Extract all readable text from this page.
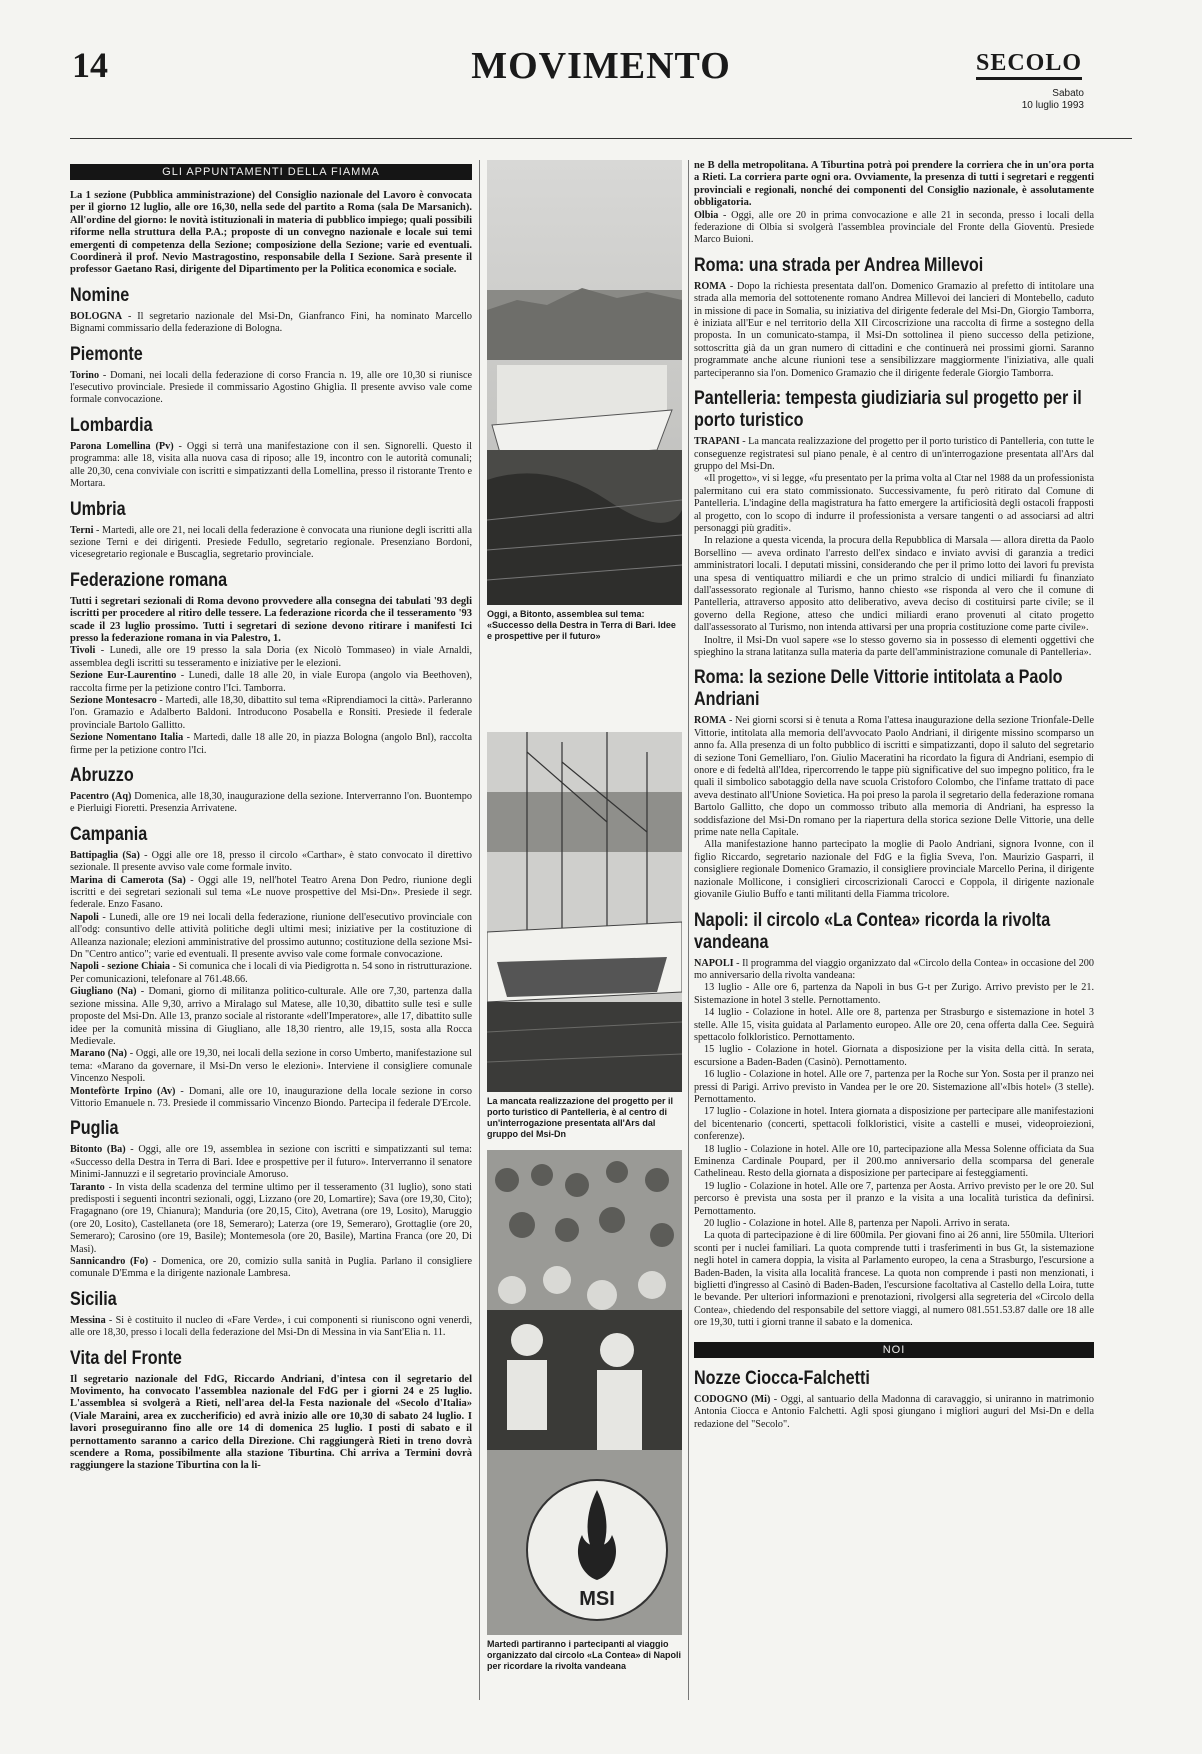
14	MOVIMENTO	SECOLO
Sabato
10 luglio 1993
GLI APPUNTAMENTI DELLA FIAMMA

La 1 sezione (Pubblica amministrazione) del Consiglio nazionale del Lavoro è convocata per il giorno 12 luglio, alle ore 16,30, nella sede del partito a Roma (sala De Marsanich). All'ordine del giorno: le novità istituzionali in materia di pubblico impiego; quali possibili riforme nella struttura della P.A.; proposte di un convegno nazionale e locale sui temi emergenti di competenza della Sezione; composizione della Sezione; varie ed eventuali. Coordinerà il prof. Nevio Mastragostino, responsabile della I Sezione. Sarà presente il professor Gaetano Rasi, dirigente del Dipartimento per la Politica economica e sociale.

Nomine

BOLOGNA - Il segretario nazionale del Msi-Dn, Gianfranco Fini, ha nominato Marcello Bignami commissario della federazione di Bologna.

Piemonte

Torino - Domani, nei locali della federazione di corso Francia n. 19, alle ore 10,30 si riunisce l'esecutivo provinciale. Presiede il commissario Agostino Ghiglia. Il presente avviso vale come formale convocazione.

Lombardia

Parona Lomellina (Pv) - Oggi si terrà una manifestazione con il sen. Signorelli. Questo il programma: alle 18, visita alla nuova casa di riposo; alle 19, incontro con le autorità comunali; alle 20,30, cena conviviale con iscritti e simpatizzanti della Lomellina, presso il ristorante Trento e Mortara.

Umbria

Terni - Martedì, alle ore 21, nei locali della federazione è convocata una riunione degli iscritti alla sezione Terni e dei dirigenti. Presiede Fedullo, segretario regionale. Presenziano Bordoni, vicesegretario regionale e Buscaglia, segretario provinciale.

Federazione romana

Tutti i segretari sezionali di Roma devono provvedere alla consegna dei tabulati '93 degli iscritti per procedere al ritiro delle tessere. La federazione ricorda che il tesseramento '93 scade il 23 luglio prossimo. Tutti i segretari di sezione devono ritirare i manifesti Ici presso la federazione romana in via Palestro, 1.

Tivoli - Lunedì, alle ore 19 presso la sala Doria (ex Nicolò Tommaseo) in viale Arnaldi, assemblea degli iscritti su tesseramento e iniziative per le elezioni.

Sezione Eur-Laurentino - Lunedì, dalle 18 alle 20, in viale Europa (angolo via Beethoven), raccolta firme per la petizione contro l'Ici. Tamborra.

Sezione Montesacro - Martedì, alle 18,30, dibattito sul tema «Riprendiamoci la città». Parleranno l'on. Gramazio e Adalberto Baldoni. Introducono Posabella e Ronsiti. Presiede il federale provinciale Bartolo Gallitto.

Sezione Nomentano Italia - Martedì, dalle 18 alle 20, in piazza Bologna (angolo Bnl), raccolta firme per la petizione contro l'Ici.

Abruzzo

Pacentro (Aq) Domenica, alle 18,30, inaugurazione della sezione. Interverranno l'on. Buontempo e Pierluigi Fioretti. Presenzia Arrivatene.

Campania

Battipaglia (Sa) - Oggi alle ore 18, presso il circolo «Carthar», è stato convocato il direttivo sezionale. Il presente avviso vale come formale invito.

Marina di Camerota (Sa) - Oggi alle 19, nell'hotel Teatro Arena Don Pedro, riunione degli iscritti e dei segretari sezionali sul tema «Le nuove prospettive del Msi-Dn». Presiede il segr. federale. Enzo Fasano.

Napoli - Lunedì, alle ore 19 nei locali della federazione, riunione dell'esecutivo provinciale con all'odg: consuntivo delle attività politiche degli ultimi mesi; iniziative per la costituzione di Alleanza nazionale; elezioni amministrative del prossimo autunno; costituzione della sezione Msi-Dn "Centro antico"; varie ed eventuali. Il presente avviso vale come formale convocazione.

Napoli - sezione Chiaia - Si comunica che i locali di via Piedigrotta n. 54 sono in ristrutturazione. Per comunicazioni, telefonare al 761.48.66.

Giugliano (Na) - Domani, giorno di militanza politico-culturale. Alle ore 7,30, partenza dalla sezione missina. Alle 9,30, arrivo a Miralago sul Matese, alle 10,30, dibattito sulle tesi e sulle proposte del Msi-Dn. Alle 13, pranzo sociale al ristorante «dell'Imperatore», alle 17, dibattito sulle idee per la comunità missina di Giugliano, alle 18,30 rientro, alle 19,15, sosta alla Rocca Medievale.

Marano (Na) - Oggi, alle ore 19,30, nei locali della sezione in corso Umberto, manifestazione sul tema: «Marano da governare, il Msi-Dn verso le elezioni». Interviene il consigliere comunale Vincenzo Nespoli.

Montefòrte Irpino (Av) - Domani, alle ore 10, inaugurazione della locale sezione in corso Vittorio Emanuele n. 73. Presiede il commissario Vincenzo Biondo. Partecipa il federale D'Ercole.

Puglia

Bitonto (Ba) - Oggi, alle ore 19, assemblea in sezione con iscritti e simpatizzanti sul tema: «Successo della Destra in Terra di Bari. Idee e prospettive per il futuro». Interverranno il senatore Minimi-Jannuzzi e il segretario provinciale Amoruso.

Taranto - In vista della scadenza del termine ultimo per il tesseramento (31 luglio), sono stati predisposti i seguenti incontri sezionali, oggi, Lizzano (ore 20, Lomartire); Sava (ore 19,30, Cito); Fragagnano (ore 19, Chianura); Manduria (ore 20,15, Cito), Avetrana (ore 19, Losito), Maruggio (ore 20, Losito), Castellaneta (ore 18, Semeraro); Laterza (ore 19, Semeraro), Grottaglie (ore 20, Semeraro); Carosino (ore 19, Basile); Montemesola (ore 20, Basile), Martina Franca (ore 20, Di Masi).

Sannicandro (Fo) - Domenica, ore 20, comizio sulla sanità in Puglia. Parlano il consigliere comunale D'Emma e la dirigente nazionale Lambresa.

Sicilia

Messina - Si è costituito il nucleo di «Fare Verde», i cui componenti si riuniscono ogni venerdì, alle ore 18,30, presso i locali della federazione del Msi-Dn di Messina in via Sant'Elia n. 11.

Vita del Fronte

Il segretario nazionale del FdG, Riccardo Andriani, d'intesa con il segretario del Movimento, ha convocato l'assemblea nazionale del FdG per i giorni 24 e 25 luglio. L'assemblea si svolgerà a Rieti, nell'area del-la Festa nazionale del «Secolo d'Italia» (Viale Maraini, area ex zuccherificio) ed avrà inizio alle ore 10,30 di sabato 24 luglio. I lavori proseguiranno fino alle ore 14 di domenica 25 luglio. I posti di sabato e il pernottamento saranno a carico della Direzione. Chi raggiungerà Rieti in treno dovrà scendere a Roma, possibilmente alla stazione Tiburtina. Chi arriva a Termini dovrà raggiungere la stazione Tiburtina con la li-

Oggi, a Bitonto, assemblea sul tema: «Successo della Destra in Terra di Bari. Idee e prospettive per il futuro»
La mancata realizzazione del progetto per il porto turistico di Pantelleria, è al centro di un'interrogazione presentata all'Ars dal gruppo del Msi-Dn
MSI
Martedì partiranno i partecipanti al viaggio organizzato dal circolo «La Contea» di Napoli per ricordare la rivolta vandeana

ne B della metropolitana. A Tiburtina potrà poi prendere la corriera che in un'ora porta a Rieti. La corriera parte ogni ora. Ovviamente, la presenza di tutti i segretari e reggenti provinciali e regionali, nonché dei componenti del Consiglio nazionale, è assolutamente obbligatoria.

Olbia - Oggi, alle ore 20 in prima convocazione e alle 21 in seconda, presso i locali della federazione di Olbia si svolgerà l'assemblea provinciale del Fronte della Gioventù. Presiede Marco Buioni.

Roma: una strada per Andrea Millevoi

ROMA - Dopo la richiesta presentata dall'on. Domenico Gramazio al prefetto di intitolare una strada alla memoria del sottotenente romano Andrea Millevoi dei lancieri di Montebello, caduto in missione di pace in Somalia, su iniziativa del dirigente federale del Msi-Dn, Giorgio Tamborra, è iniziata all'Eur e nel territorio della XII Circoscrizione una raccolta di firme a sostegno della proposta. In un comunicato-stampa, il Msi-Dn sottolinea il pieno successo della petizione, sottoscritta già da un gran numero di cittadini e che continuerà nei prossimi giorni. Saranno programmate anche alcune riunioni tese a sensibilizzare maggiormente l'iniziativa, alle quali parteciperanno sia l'on. Domenico Gramazio che il dirigente federale Giorgio Tamborra.

Pantelleria: tempesta giudiziaria sul progetto per il porto turistico

TRAPANI - La mancata realizzazione del progetto per il porto turistico di Pantelleria, con tutte le conseguenze registratesi sul piano penale, è al centro di un'interrogazione presentata all'Ars dal gruppo del Msi-Dn.

«Il progetto», vi si legge, «fu presentato per la prima volta al Ctar nel 1988 da un professionista palermitano cui era stato commissionato. Successivamente, fu però ritirato dal Comune di Pantelleria. L'indagine della magistratura ha fatto emergere la artificiosità degli ostacoli frapposti al progetto, con lo scopo di indurre il professionista a versare tangenti o ad associarsi ad altri personaggi più graditi».

In relazione a questa vicenda, la procura della Repubblica di Marsala — allora diretta da Paolo Borsellino — aveva ordinato l'arresto dell'ex sindaco e inviato avvisi di garanzia a tredici amministratori locali. I deputati missini, considerando che per il primo lotto dei lavori fu prevista una spesa di ventiquattro miliardi e che un primo stralcio di undici miliardi fu finanziato dall'assessorato regionale al Turismo, hanno chiesto «se risponda al vero che il comune di Pantelleria, attraverso apposito atto deliberativo, aveva deciso di costituirsi parte civile; se il governo della Regione, atteso che undici miliardi erano provenuti al citato progetto dall'assessorato al Turismo, non intenda attivarsi per una propria costituzione come parte civile».

Inoltre, il Msi-Dn vuol sapere «se lo stesso governo sia in possesso di elementi oggettivi che spieghino la strana latitanza sulla materia da parte dell'amministrazione comunale di Pantelleria».

Roma: la sezione Delle Vittorie intitolata a Paolo Andriani

ROMA - Nei giorni scorsi si è tenuta a Roma l'attesa inaugurazione della sezione Trionfale-Delle Vittorie, intitolata alla memoria dell'avvocato Paolo Andriani, il dirigente missino scomparso un anno fa. Alla presenza di un folto pubblico di iscritti e simpatizzanti, dopo il saluto del segretario di sezione Toni Gemelliaro, l'on. Giulio Maceratini ha ricordato la figura di Andriani, esempio di onore e di fedeltà all'Idea, ripercorrendo le tappe più significative del suo impegno politico, fra le quali il simbolico sabotaggio della nave scuola Cristoforo Colombo, che l'infame trattato di pace aveva destinato all'Unione Sovietica. Ha poi preso la parola il segretario della federazione romana Bartolo Gallitto, che dopo un commosso tributo alla memoria di Andriani, ha espresso la soddisfazione del Msi-Dn romano per la riapertura della storica sezione Delle Vittorie, una delle prime nate nella Capitale.

Alla manifestazione hanno partecipato la moglie di Paolo Andriani, signora Ivonne, con il figlio Riccardo, segretario nazionale del FdG e la figlia Sveva, l'on. Maurizio Gasparri, il consigliere regionale Domenico Gramazio, il consigliere provinciale Marcello Perina, il dirigente nazionale Mollicone, i consiglieri circoscrizionali Carocci e Coppola, il dirigente nazionale giovanile Giulio Buffo e tanti militanti della Fiamma tricolore.

Napoli: il circolo «La Contea» ricorda la rivolta vandeana

NAPOLI - Il programma del viaggio organizzato dal «Circolo della Contea» in occasione del 200 mo anniversario della rivolta vandeana:

13 luglio - Alle ore 6, partenza da Napoli in bus G-t per Zurigo. Arrivo previsto per le 21. Sistemazione in hotel 3 stelle. Pernottamento.

14 luglio - Colazione in hotel. Alle ore 8, partenza per Strasburgo e sistemazione in hotel 3 stelle. Alle 15, visita guidata al Parlamento europeo. Alle ore 20, cena offerta dalla Cee. Seguirà spettacolo folkloristico. Pernottamento.

15 luglio - Colazione in hotel. Giornata a disposizione per la visita della città. In serata, escursione a Baden-Baden (Casinò). Pernottamento.

16 luglio - Colazione in hotel. Alle ore 7, partenza per la Roche sur Yon. Sosta per il pranzo nei pressi di Parigi. Arrivo previsto in Vandea per le ore 20. Sistemazione all'«Ibis hotel» (3 stelle). Pernottamento.

17 luglio - Colazione in hotel. Intera giornata a disposizione per partecipare alle manifestazioni del bicentenario (concerti, spettacoli folkloristici, visite a castelli e musei, videoproiezioni, conferenze).

18 luglio - Colazione in hotel. Alle ore 10, partecipazione alla Messa Solenne officiata da Sua Eminenza Cardinale Poupard, per il 200.mo anniversario della scomparsa del generale Cathelineau. Resto della giornata a disposizione per partecipare ai festeggiamenti.

19 luglio - Colazione in hotel. Alle ore 7, partenza per Aosta. Arrivo previsto per le ore 20. Sul percorso è prevista una sosta per il pranzo e la visita a una località turistica da definirsi. Pernottamento.

20 luglio - Colazione in hotel. Alle 8, partenza per Napoli. Arrivo in serata.

La quota di partecipazione è di lire 600mila. Per giovani fino ai 26 anni, lire 550mila. Ulteriori sconti per i nuclei familiari. La quota comprende tutti i trasferimenti in bus Gt, la sistemazione negli hotel in camera doppia, la visita al Parlamento europeo, la cena a Strasburgo, l'escursione a Baden-Baden, la visita alla località francese. La quota non comprende i pasti non menzionati, i biglietti d'ingresso al Casinò di Baden-Baden, l'escursione facoltativa al Castello della Loira, tutte le bevande. Per ulteriori informazioni e prenotazioni, rivolgersi alla segreteria del «Circolo della Contea», chiedendo del responsabile del settore viaggi, al numero 081.551.53.87 dalle ore 18 alle ore 19,30, tutti i giorni tranne il sabato e la domenica.

NOI
Nozze Ciocca-Falchetti

CODOGNO (Mi) - Oggi, al santuario della Madonna di caravaggio, si uniranno in matrimonio Antonia Ciocca e Antonio Falchetti. Agli sposi giungano i migliori auguri del Msi-Dn e della redazione del "Secolo".
